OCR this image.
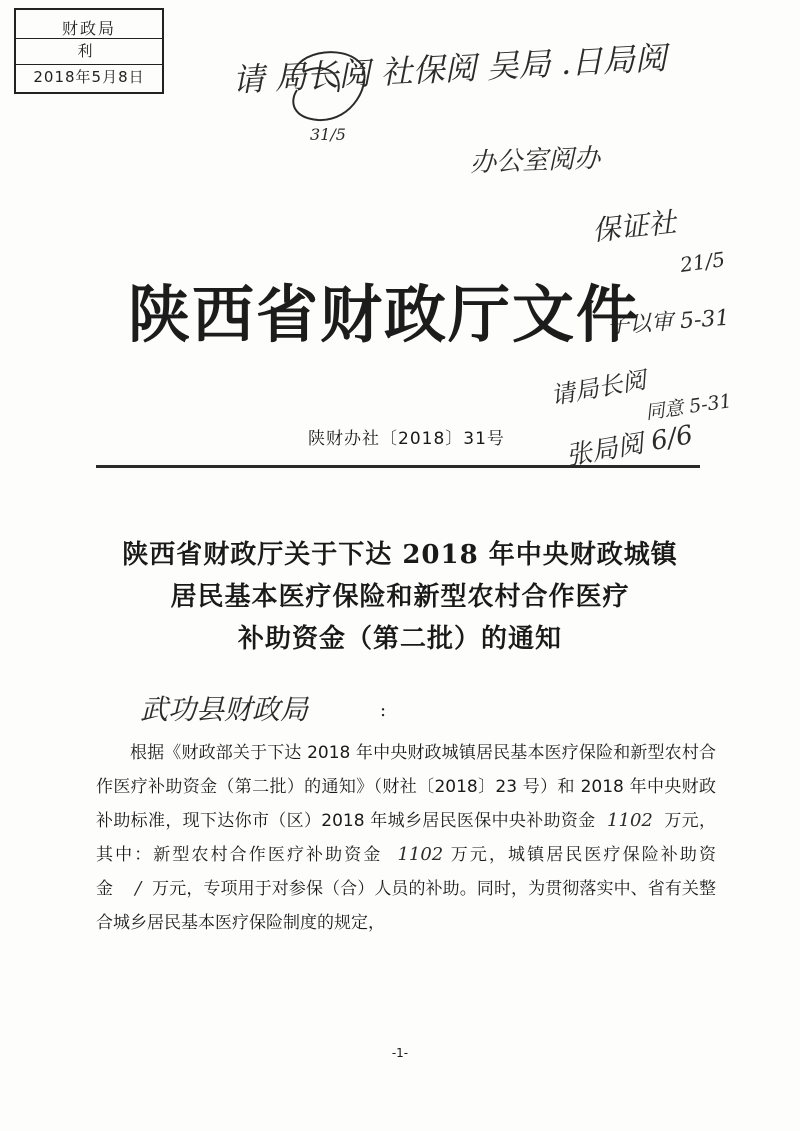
财政局
利
2018年5月8日	请 局长阅 社保阅 吴局 .日局阅
31/5
办公室阅办
保证社
21/5
子以审 5-31
请局长阅
同意 5-31
张局阅 6/6
陕西省财政厅文件
陕财办社〔2018〕31号
陕西省财政厅关于下达 2018 年中央财政城镇
居民基本医疗保险和新型农村合作医疗
补助资金（第二批）的通知
武功县财政局	:

根据《财政部关于下达 2018 年中央财政城镇居民基本医疗保险和新型农村合作医疗补助资金（第二批）的通知》（财社〔2018〕23 号）和 2018 年中央财政补助标准，现下达你市（区）2018 年城乡居民医保中央补助资金 1102 万元，其中：新型农村合作医疗补助资金 1102 万元，城镇居民医疗保险补助资金 / 万元，专项用于对参保（合）人员的补助。同时，为贯彻落实中、省有关整合城乡居民基本医疗保险制度的规定，

-1-
